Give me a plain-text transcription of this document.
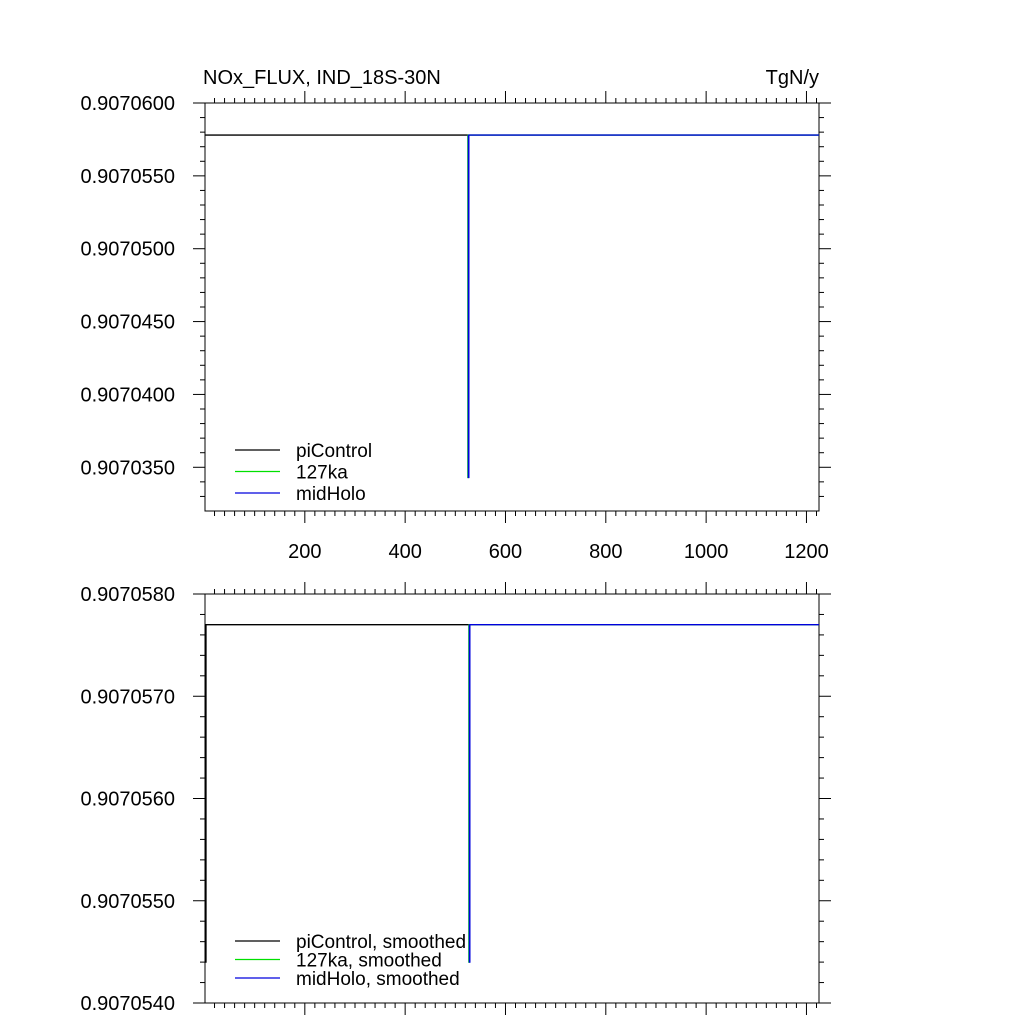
200	400	600	800	1000	1200
0.9070350
0.9070400
0.9070450
0.9070500
0.9070550
0.9070600
NOx_FLUX, IND_18S-30N	TgN/y
piControl
127ka
midHolo
0.9070540
0.9070550
0.9070560
0.9070570
0.9070580
piControl, smoothed
127ka, smoothed
midHolo, smoothed
